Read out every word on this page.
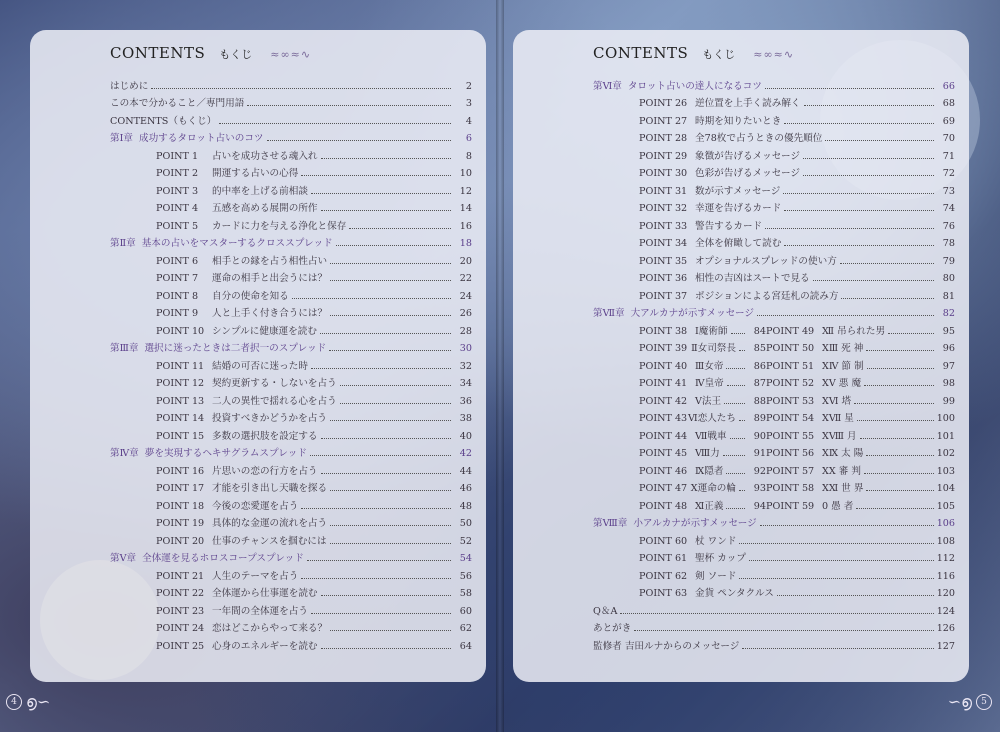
CONTENTS もくじ ≈∞≈∿
はじめに	2
この本で分かること／専門用語	3
CONTENTS（もくじ）	4
第Ⅰ章 成功するタロット占いのコツ	6
POINT 1	占いを成功させる魂入れ	8
POINT 2	開運する占いの心得	10
POINT 3	的中率を上げる前相談	12
POINT 4	五感を高める展開の所作	14
POINT 5	カードに力を与える浄化と保存	16
第Ⅱ章 基本の占いをマスターするクロススプレッド	18
POINT 6	相手との縁を占う相性占い	20
POINT 7	運命の相手と出会うには？	22
POINT 8	自分の使命を知る	24
POINT 9	人と上手く付き合うには？	26
POINT 10 シンプルに健康運を読む	28
第Ⅲ章 選択に迷ったときは二者択一のスプレッド	30
POINT 11 結婚の可否に迷った時	32
POINT 12 契約更新する・しないを占う	34
POINT 13 二人の異性で揺れる心を占う	36
POINT 14 投資すべきかどうかを占う	38
POINT 15 多数の選択肢を設定する	40
第Ⅳ章 夢を実現するヘキサグラムスプレッド	42
POINT 16 片思いの恋の行方を占う	44
POINT 17 才能を引き出し天職を探る	46
POINT 18 今後の恋愛運を占う	48
POINT 19 具体的な金運の流れを占う	50
POINT 20 仕事のチャンスを掴むには	52
第Ⅴ章 全体運を見るホロスコープスプレッド	54
POINT 21 人生のテーマを占う	56
POINT 22 全体運から仕事運を読む	58
POINT 23 一年間の全体運を占う	60
POINT 24 恋はどこからやって来る？	62
POINT 25 心身のエネルギーを読む	64
CONTENTS もくじ ≈∞≈∿
第Ⅵ章 タロット占いの達人になるコツ	66
POINT 26 逆位置を上手く読み解く	68
POINT 27 時期を知りたいとき	69
POINT 28 全78枚で占うときの優先順位	70
POINT 29 象徴が告げるメッセージ	71
POINT 30 色彩が告げるメッセージ	72
POINT 31 数が示すメッセージ	73
POINT 32 幸運を告げるカード	74
POINT 33 警告するカード	76
POINT 34 全体を俯瞰して読む	78
POINT 35 オプショナルスプレッドの使い方	79
POINT 36 相性の吉凶はスートで見る	80
POINT 37 ポジションによる宮廷札の読み方	81
第Ⅶ章 大アルカナが示すメッセージ	82
POINT 38 Ⅰ魔術師	84
POINT 39 Ⅱ女司祭長	85
POINT 40 Ⅲ女帝	86
POINT 41 Ⅳ皇帝	87
POINT 42 Ⅴ法王	88
POINT 43 Ⅵ恋人たち	89
POINT 44 Ⅶ戦車	90
POINT 45 Ⅷ力	91
POINT 46 Ⅸ隠者	92
POINT 47 Ⅹ運命の輪	93
POINT 48 Ⅺ正義	94
POINT 49 Ⅻ 吊られた男	95
POINT 50 ⅩⅢ 死 神	96
POINT 51 ⅩⅣ 節 制	97
POINT 52 ⅩⅤ 悪 魔	98
POINT 53 ⅩⅥ 塔	99
POINT 54 ⅩⅦ 星	100
POINT 55 ⅩⅧ 月	101
POINT 56 ⅩⅨ 太 陽	102
POINT 57 ⅩⅩ 審 判	103
POINT 58 ⅩⅪ 世 界	104
POINT 59 0 愚 者	105
第Ⅷ章 小アルカナが示すメッセージ	106
POINT 60 杖 ワンド	108
POINT 61 聖杯 カップ	112
POINT 62 剣 ソード	116
POINT 63 金貨 ペンタクルス	120
Q＆A	124
あとがき	126
監修者 吉田ルナからのメッセージ	127
൭∽
4	∽൭	5
